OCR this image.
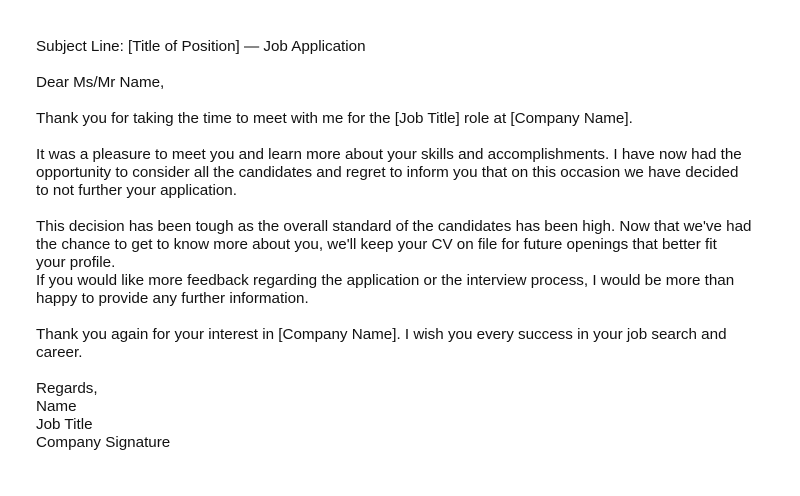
Subject Line: [Title of Position] — Job Application

Dear Ms/Mr Name,

Thank you for taking the time to meet with me for the [Job Title] role at [Company Name].

It was a pleasure to meet you and learn more about your skills and accomplishments. I have now had the
opportunity to consider all the candidates and regret to inform you that on this occasion we have decided
to not further your application.

This decision has been tough as the overall standard of the candidates has been high. Now that we've had
the chance to get to know more about you, we'll keep your CV on file for future openings that better fit
your profile.

If you would like more feedback regarding the application or the interview process, I would be more than
happy to provide any further information.

Thank you again for your interest in [Company Name]. I wish you every success in your job search and
career.

Regards,

Name

Job Title

Company Signature
